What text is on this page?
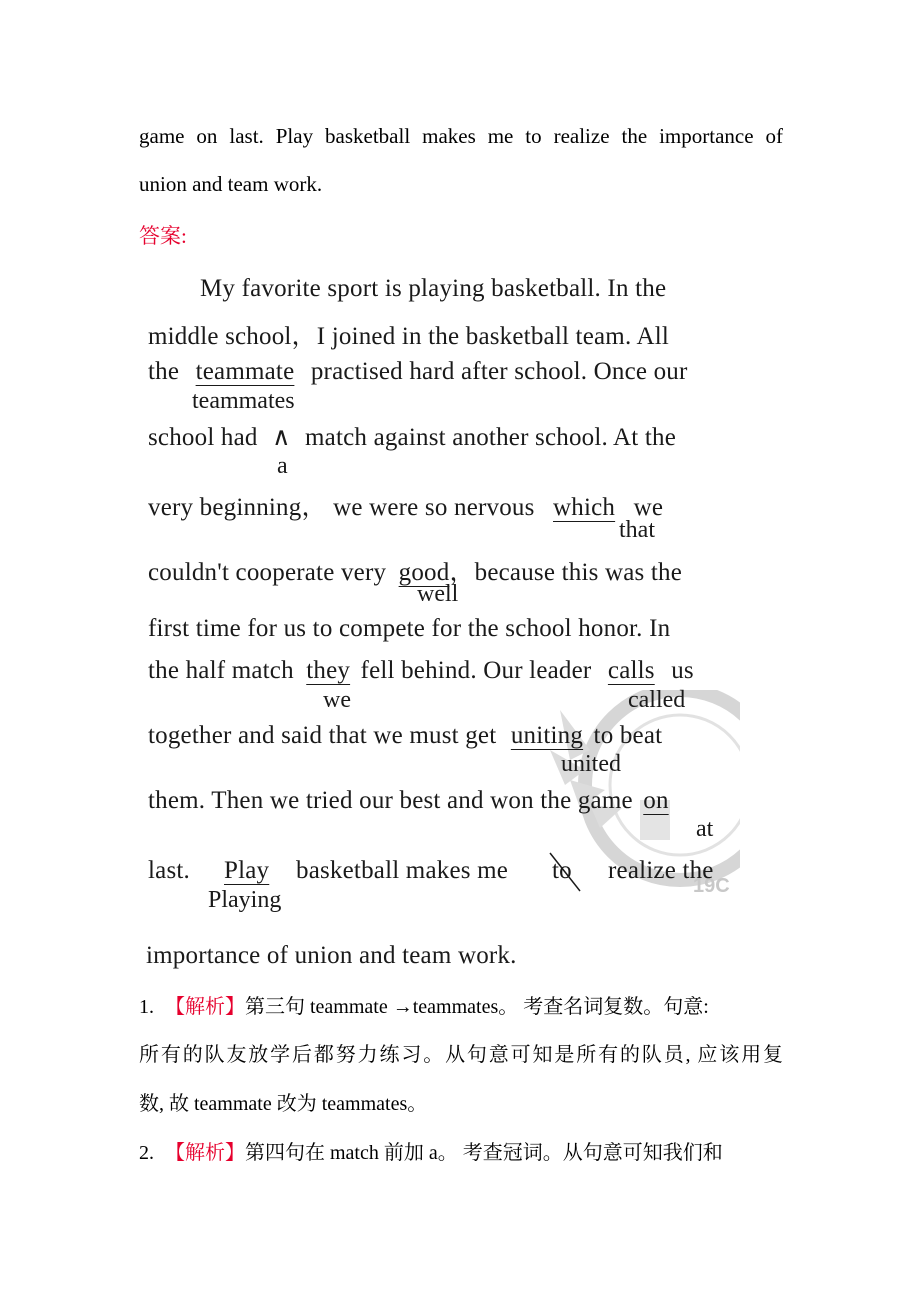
game on last. Play basketball makes me to realize the importance of
union and team work.
答案:
19C
My favorite sport is playing basketball. In the
middle school，I joined in the basketball team. All
the teammate practised hard after school. Once our
teammates
school had ∧ match against another school. At the
a
very beginning， we were so nervous which we
that
couldn't cooperate very good，because this was the
well
first time for us to compete for the school honor. In
the half match they fell behind. Our leader calls us
we	called
together and said that we must get uniting to beat
united
them. Then we tried our best and won the game on
at
last. Play basketball makes me to realize the
Playing
importance of union and team work.
1. 【解析】第三句 teammate →teammates。 考查名词复数。句意:
所有的队友放学后都努力练习。从句意可知是所有的队员, 应该用复
数, 故 teammate 改为 teammates。
2. 【解析】第四句在 match 前加 a。 考查冠词。从句意可知我们和
